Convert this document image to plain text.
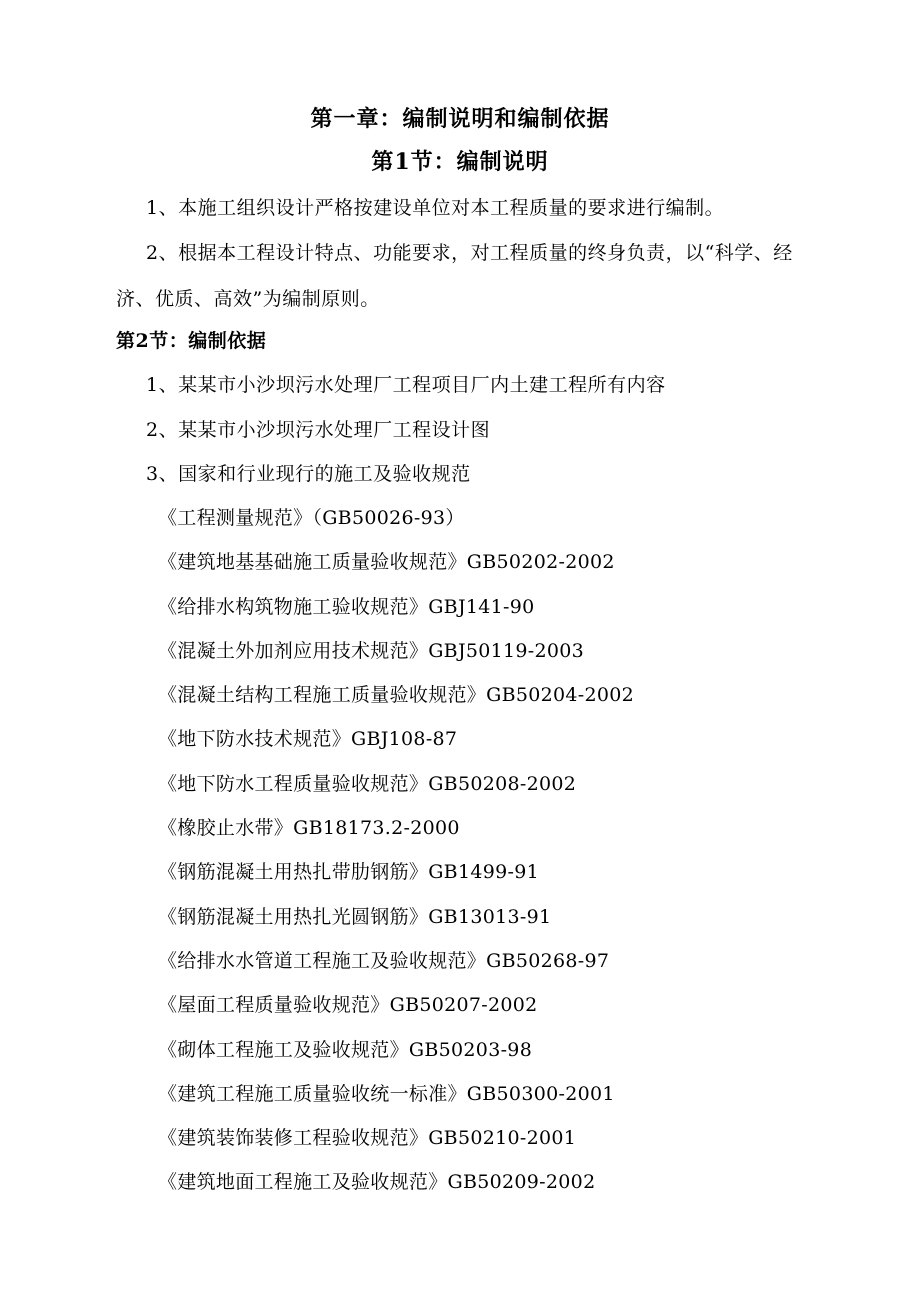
第一章：编制说明和编制依据
第1节：编制说明
1、本施工组织设计严格按建设单位对本工程质量的要求进行编制。
2、根据本工程设计特点、功能要求，对工程质量的终身负责，以“科学、经济、优质、高效”为编制原则。
第2节：编制依据
1、某某市小沙坝污水处理厂工程项目厂内土建工程所有内容
2、某某市小沙坝污水处理厂工程设计图
3、国家和行业现行的施工及验收规范
《工程测量规范》（GB50026-93）
《建筑地基基础施工质量验收规范》GB50202-2002
《给排水构筑物施工验收规范》GBJ141-90
《混凝土外加剂应用技术规范》GBJ50119-2003
《混凝土结构工程施工质量验收规范》GB50204-2002
《地下防水技术规范》GBJ108-87
《地下防水工程质量验收规范》GB50208-2002
《橡胶止水带》GB18173.2-2000
《钢筋混凝土用热扎带肋钢筋》GB1499-91
《钢筋混凝土用热扎光圆钢筋》GB13013-91
《给排水水管道工程施工及验收规范》GB50268-97
《屋面工程质量验收规范》GB50207-2002
《砌体工程施工及验收规范》GB50203-98
《建筑工程施工质量验收统一标准》GB50300-2001
《建筑装饰装修工程验收规范》GB50210-2001
《建筑地面工程施工及验收规范》GB50209-2002
